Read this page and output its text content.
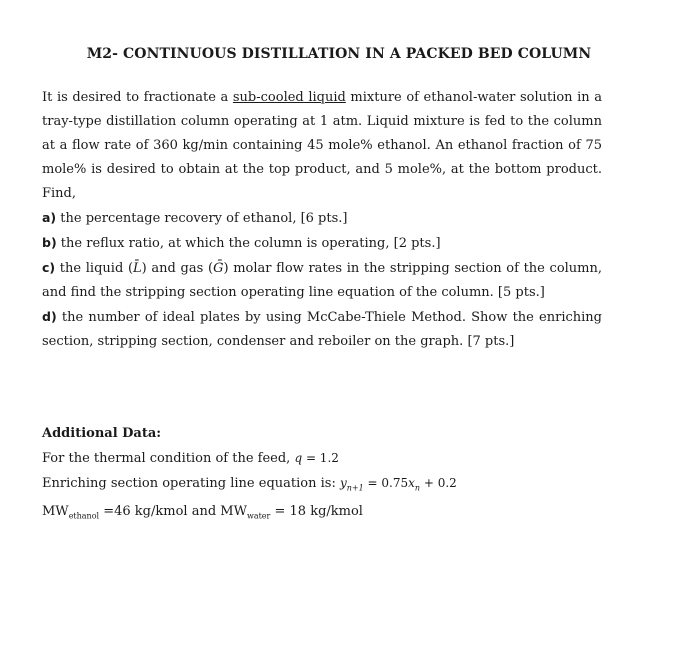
M2- CONTINUOUS DISTILLATION IN A PACKED BED COLUMN

It is desired to fractionate a sub-cooled liquid mixture of ethanol-water solution in a tray-type distillation column operating at 1 atm. Liquid mixture is fed to the column at a flow rate of 360 kg/min containing 45 mole% ethanol. An ethanol fraction of 75 mole% is desired to obtain at the top product, and 5 mole%, at the bottom product. Find,

a) the percentage recovery of ethanol, [6 pts.]

b) the reflux ratio, at which the column is operating, [2 pts.]

c) the liquid (L̄) and gas (Ḡ) molar flow rates in the stripping section of the column, and find the stripping section operating line equation of the column. [5 pts.]

d) the number of ideal plates by using McCabe-Thiele Method. Show the enriching section, stripping section, condenser and reboiler on the graph. [7 pts.]

Additional Data:
For the thermal condition of the feed, q = 1.2
Enriching section operating line equation is: $y_{n+1} = 0.75x_n + 0.2$
$MW_{ethanol} =46$ kg/kmol and $MW_{water} = 18$ kg/kmol
